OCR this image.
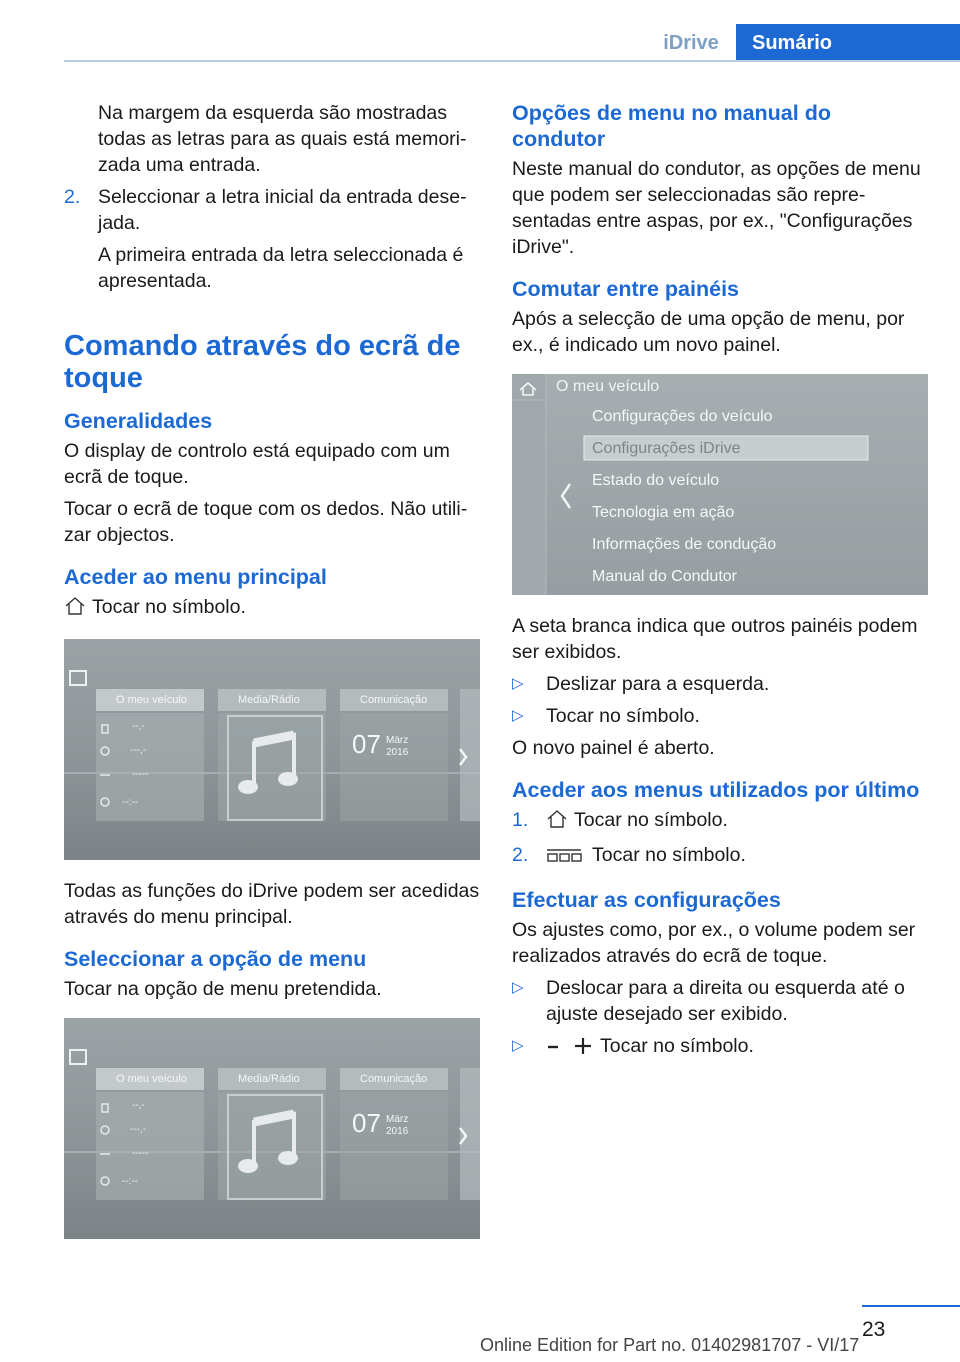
iDrive	Sumário

Na margem da esquerda são mostradas todas as letras para as quais está memorizada uma entrada.

2. Seleccionar a letra inicial da entrada desejada.

A primeira entrada da letra seleccionada é apresentada.

Comando através do ecrã de toque
Generalidades

O display de controlo está equipado com um ecrã de toque.

Tocar o ecrã de toque com os dedos. Não utilizar objectos.

Aceder ao menu principal

Tocar no símbolo.

O meu veículo	Media/Rádio	Comunicação
--,-
---,-
-----
--:--
07 März
2016

Todas as funções do iDrive podem ser acedidas através do menu principal.

Seleccionar a opção de menu

Tocar na opção de menu pretendida.

O meu veículo	Media/Rádio	Comunicação
--,-
---,-
-----
--:--
07 März
2016
Opções de menu no manual do condutor

Neste manual do condutor, as opções de menu que podem ser seleccionadas são representadas entre aspas, por ex., "Configurações iDrive".

Comutar entre painéis

Após a selecção de uma opção de menu, por ex., é indicado um novo painel.

O meu veículo
Configurações do veículo
Configurações iDrive
Estado do veículo
Tecnologia em ação
Informações de condução
Manual do Condutor

A seta branca indica que outros painéis podem ser exibidos.

▷ Deslizar para a esquerda.
▷ Tocar no símbolo.

O novo painel é aberto.

Aceder aos menus utilizados por último
1. Tocar no símbolo.
2.	Tocar no símbolo.
Efectuar as configurações

Os ajustes como, por ex., o volume podem ser realizados através do ecrã de toque.

▷ Deslocar para a direita ou esquerda até o ajuste desejado ser exibido.
▷	Tocar no símbolo.
23
Online Edition for Part no. 01402981707 - VI/17
